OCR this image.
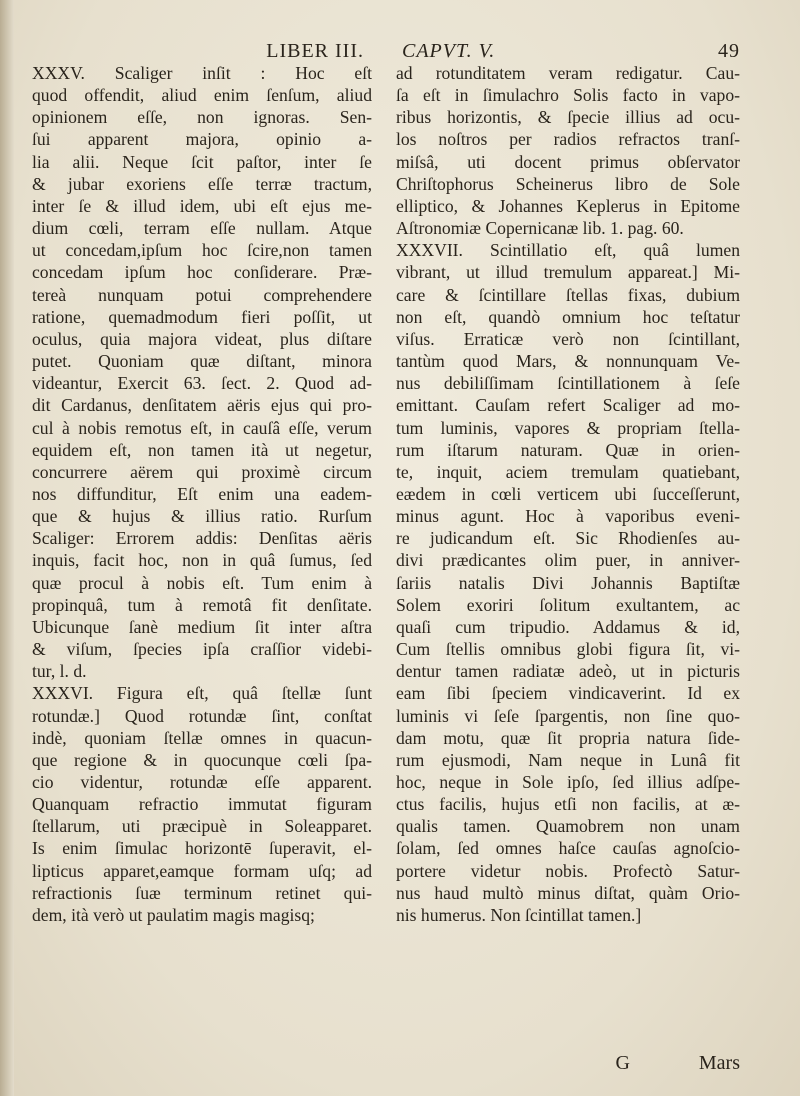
LIBER III.
XXXV. Scaliger inſit : Hoc eſt
quod offendit, aliud enim ſenſum, aliud
opinionem eſſe, non ignoras. Sen-
ſui apparent majora, opinio a-
lia alii. Neque ſcit paſtor, inter ſe
& jubar exoriens eſſe terræ tractum,
inter ſe & illud idem, ubi eſt ejus me-
dium cœli, terram eſſe nullam. Atque
ut concedam,ipſum hoc ſcire,non tamen
concedam ipſum hoc conſiderare. Præ-
tereà nunquam potui comprehendere
ratione, quemadmodum fieri poſſit, ut
oculus, quia majora videat, plus diſtare
putet. Quoniam quæ diſtant, minora
videantur, Exercit 63. ſect. 2. Quod ad-
dit Cardanus, denſitatem aëris ejus qui pro-
cul à nobis remotus eſt, in cauſâ eſſe, verum
equidem eſt, non tamen ità ut negetur,
concurrere aërem qui proximè circum
nos diffunditur, Eſt enim una eadem-
que & hujus & illius ratio. Rurſum
Scaliger: Errorem addis: Denſitas aëris
inquis, facit hoc, non in quâ ſumus, ſed
quæ procul à nobis eſt. Tum enim à
propinquâ, tum à remotâ fit denſitate.
Ubicunque ſanè medium ſit inter aſtra
& viſum, ſpecies ipſa craſſior videbi-
tur, l. d.
XXXVI. Figura eſt, quâ ſtellæ ſunt
rotundæ.] Quod rotundæ ſint, conſtat
indè, quoniam ſtellæ omnes in quacun-
que regione & in quocunque cœli ſpa-
cio videntur, rotundæ eſſe apparent.
Quanquam refractio immutat figuram
ſtellarum, uti præcipuè in Soleapparet.
Is enim ſimulac horizontē ſuperavit, el-
lipticus apparet,eamque formam uſq; ad
refractionis ſuæ terminum retinet qui-
dem, ità verò ut paulatim magis magisq;
CAPVT. V.	49
ad rotunditatem veram redigatur. Cau-
ſa eſt in ſimulachro Solis facto in vapo-
ribus horizontis, & ſpecie illius ad ocu-
los noſtros per radios refractos tranſ-
miſsâ, uti docent primus obſervator
Chriſtophorus Scheinerus libro de Sole
elliptico, & Johannes Keplerus in Epitome
Aſtronomiæ Copernicanæ lib. 1. pag. 60.
XXXVII. Scintillatio eſt, quâ lumen
vibrant, ut illud tremulum appareat.] Mi-
care & ſcintillare ſtellas fixas, dubium
non eſt, quandò omnium hoc teſtatur
viſus. Erraticæ verò non ſcintillant,
tantùm quod Mars, & nonnunquam Ve-
nus debiliſſimam ſcintillationem à ſeſe
emittant. Cauſam refert Scaliger ad mo-
tum luminis, vapores & propriam ſtella-
rum iſtarum naturam. Quæ in orien-
te, inquit, aciem tremulam quatiebant,
eædem in cœli verticem ubi ſucceſſerunt,
minus agunt. Hoc à vaporibus eveni-
re judicandum eſt. Sic Rhodienſes au-
divi prædicantes olim puer, in anniver-
ſariis natalis Divi Johannis Baptiſtæ
Solem exoriri ſolitum exultantem, ac
quaſi cum tripudio. Addamus & id,
Cum ſtellis omnibus globi figura ſit, vi-
dentur tamen radiatæ adeò, ut in picturis
eam ſibi ſpeciem vindicaverint. Id ex
luminis vi ſeſe ſpargentis, non ſine quo-
dam motu, quæ ſit propria natura ſide-
rum ejusmodi, Nam neque in Lunâ fit
hoc, neque in Sole ipſo, ſed illius adſpe-
ctus facilis, hujus etſi non facilis, at æ-
qualis tamen. Quamobrem non unam
ſolam, ſed omnes haſce cauſas agnoſcio-
portere videtur nobis. Profectò Satur-
nus haud multò minus diſtat, quàm Orio-
nis humerus. Non ſcintillat tamen.]
G	Mars
